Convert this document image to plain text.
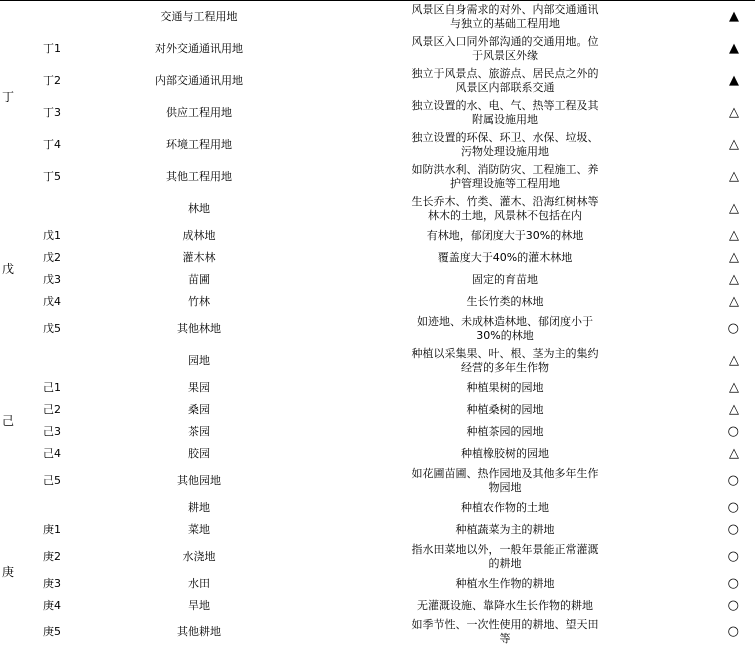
丁		交通与工程用地		风景区自身需求的对外、内部交通通讯与独立的基础工程用地	▲
	丁1	对外交通通讯用地		风景区入口同外部沟通的交通用地。位于风景区外缘	▲
	丁2	内部交通通讯用地		独立于风景点、旅游点、居民点之外的风景区内部联系交通	▲
	丁3	供应工程用地		独立设置的水、电、气、热等工程及其附属设施用地	△
	丁4	环境工程用地		独立设置的环保、环卫、水保、垃圾、污物处理设施用地	△
	丁5	其他工程用地		如防洪水利、消防防灾、工程施工、养护管理设施等工程用地	△
戊		林地		生长乔木、竹类、灌木、沿海红树林等林木的土地，风景林不包括在内	△
	戊1	成林地		有林地，郁闭度大于30%的林地	△
	戊2	灌木林		覆盖度大于40%的灌木林地	△
	戊3	苗圃		固定的育苗地	△
	戊4	竹林		生长竹类的林地	△
	戊5	其他林地		如迹地、未成林造林地、郁闭度小于30%的林地	○
己		园地		种植以采集果、叶、根、茎为主的集约经营的多年生作物	△
	己1	果园		种植果树的园地	△
	己2	桑园		种植桑树的园地	△
	己3	茶园		种植茶园的园地	○
	己4	胶园		种植橡胶树的园地	△
	己5	其他园地		如花圃苗圃、热作园地及其他多年生作物园地	○
庚		耕地		种植农作物的土地	○
	庚1	菜地		种植蔬菜为主的耕地	○
	庚2	水浇地		指水田菜地以外，一般年景能正常灌溉的耕地	○
	庚3	水田		种植水生作物的耕地	○
	庚4	旱地		无灌溉设施、靠降水生长作物的耕地	○
	庚5	其他耕地		如季节性、一次性使用的耕地、望天田等	○
